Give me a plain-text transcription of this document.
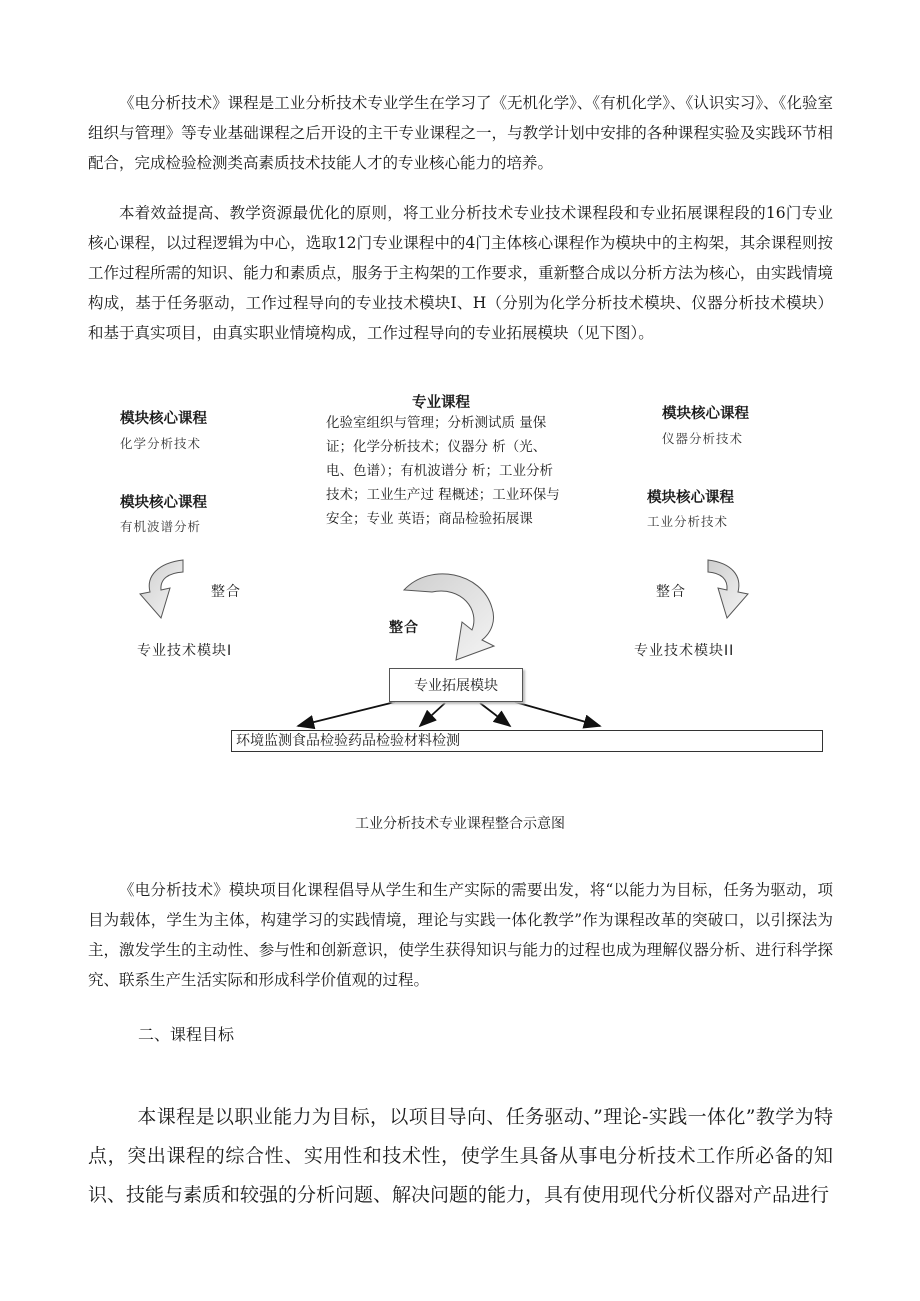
《电分析技术》课程是工业分析技术专业学生在学习了《无机化学》、《有机化学》、《认识实习》、《化验室组织与管理》等专业基础课程之后开设的主干专业课程之一，与教学计划中安排的各种课程实验及实践环节相配合，完成检验检测类高素质技术技能人才的专业核心能力的培养。

本着效益提高、教学资源最优化的原则，将工业分析技术专业技术课程段和专业拓展课程段的16门专业核心课程，以过程逻辑为中心，选取12门专业课程中的4门主体核心课程作为模块中的主构架，其余课程则按工作过程所需的知识、能力和素质点，服务于主构架的工作要求，重新整合成以分析方法为核心，由实践情境构成，基于任务驱动，工作过程导向的专业技术模块Ⅰ、H（分别为化学分析技术模块、仪器分析技术模块）和基于真实项目，由真实职业情境构成，工作过程导向的专业拓展模块（见下图）。

模块核心课程
化学分析技术
模块核心课程
有机波谱分析
整合
专业技术模块Ⅰ
专业课程

化验室组织与管理；分析测试质 量保证；化学分析技术；仪器分 析（光、电、色谱）；有机波谱分 析；工业分析技术；工业生产过 程概述；工业环保与安全；专业 英语；商品检验拓展课

整合
模块核心课程
仪器分析技术
模块核心课程
工业分析技术
整合
专业技术模块II
专业拓展模块
环境监测食品检验药品检验材料检测
工业分析技术专业课程整合示意图

《电分析技术》模块项目化课程倡导从学生和生产实际的需要出发，将“以能力为目标，任务为驱动，项目为载体，学生为主体，构建学习的实践情境，理论与实践一体化教学”作为课程改革的突破口，以引探法为主，激发学生的主动性、参与性和创新意识，使学生获得知识与能力的过程也成为理解仪器分析、进行科学探究、联系生产生活实际和形成科学价值观的过程。

二、课程目标

本课程是以职业能力为目标，以项目导向、任务驱动、”理论-实践一体化”教学为特点，突出课程的综合性、实用性和技术性，使学生具备从事电分析技术工作所必备的知识、技能与素质和较强的分析问题、解决问题的能力，具有使用现代分析仪器对产品进行
